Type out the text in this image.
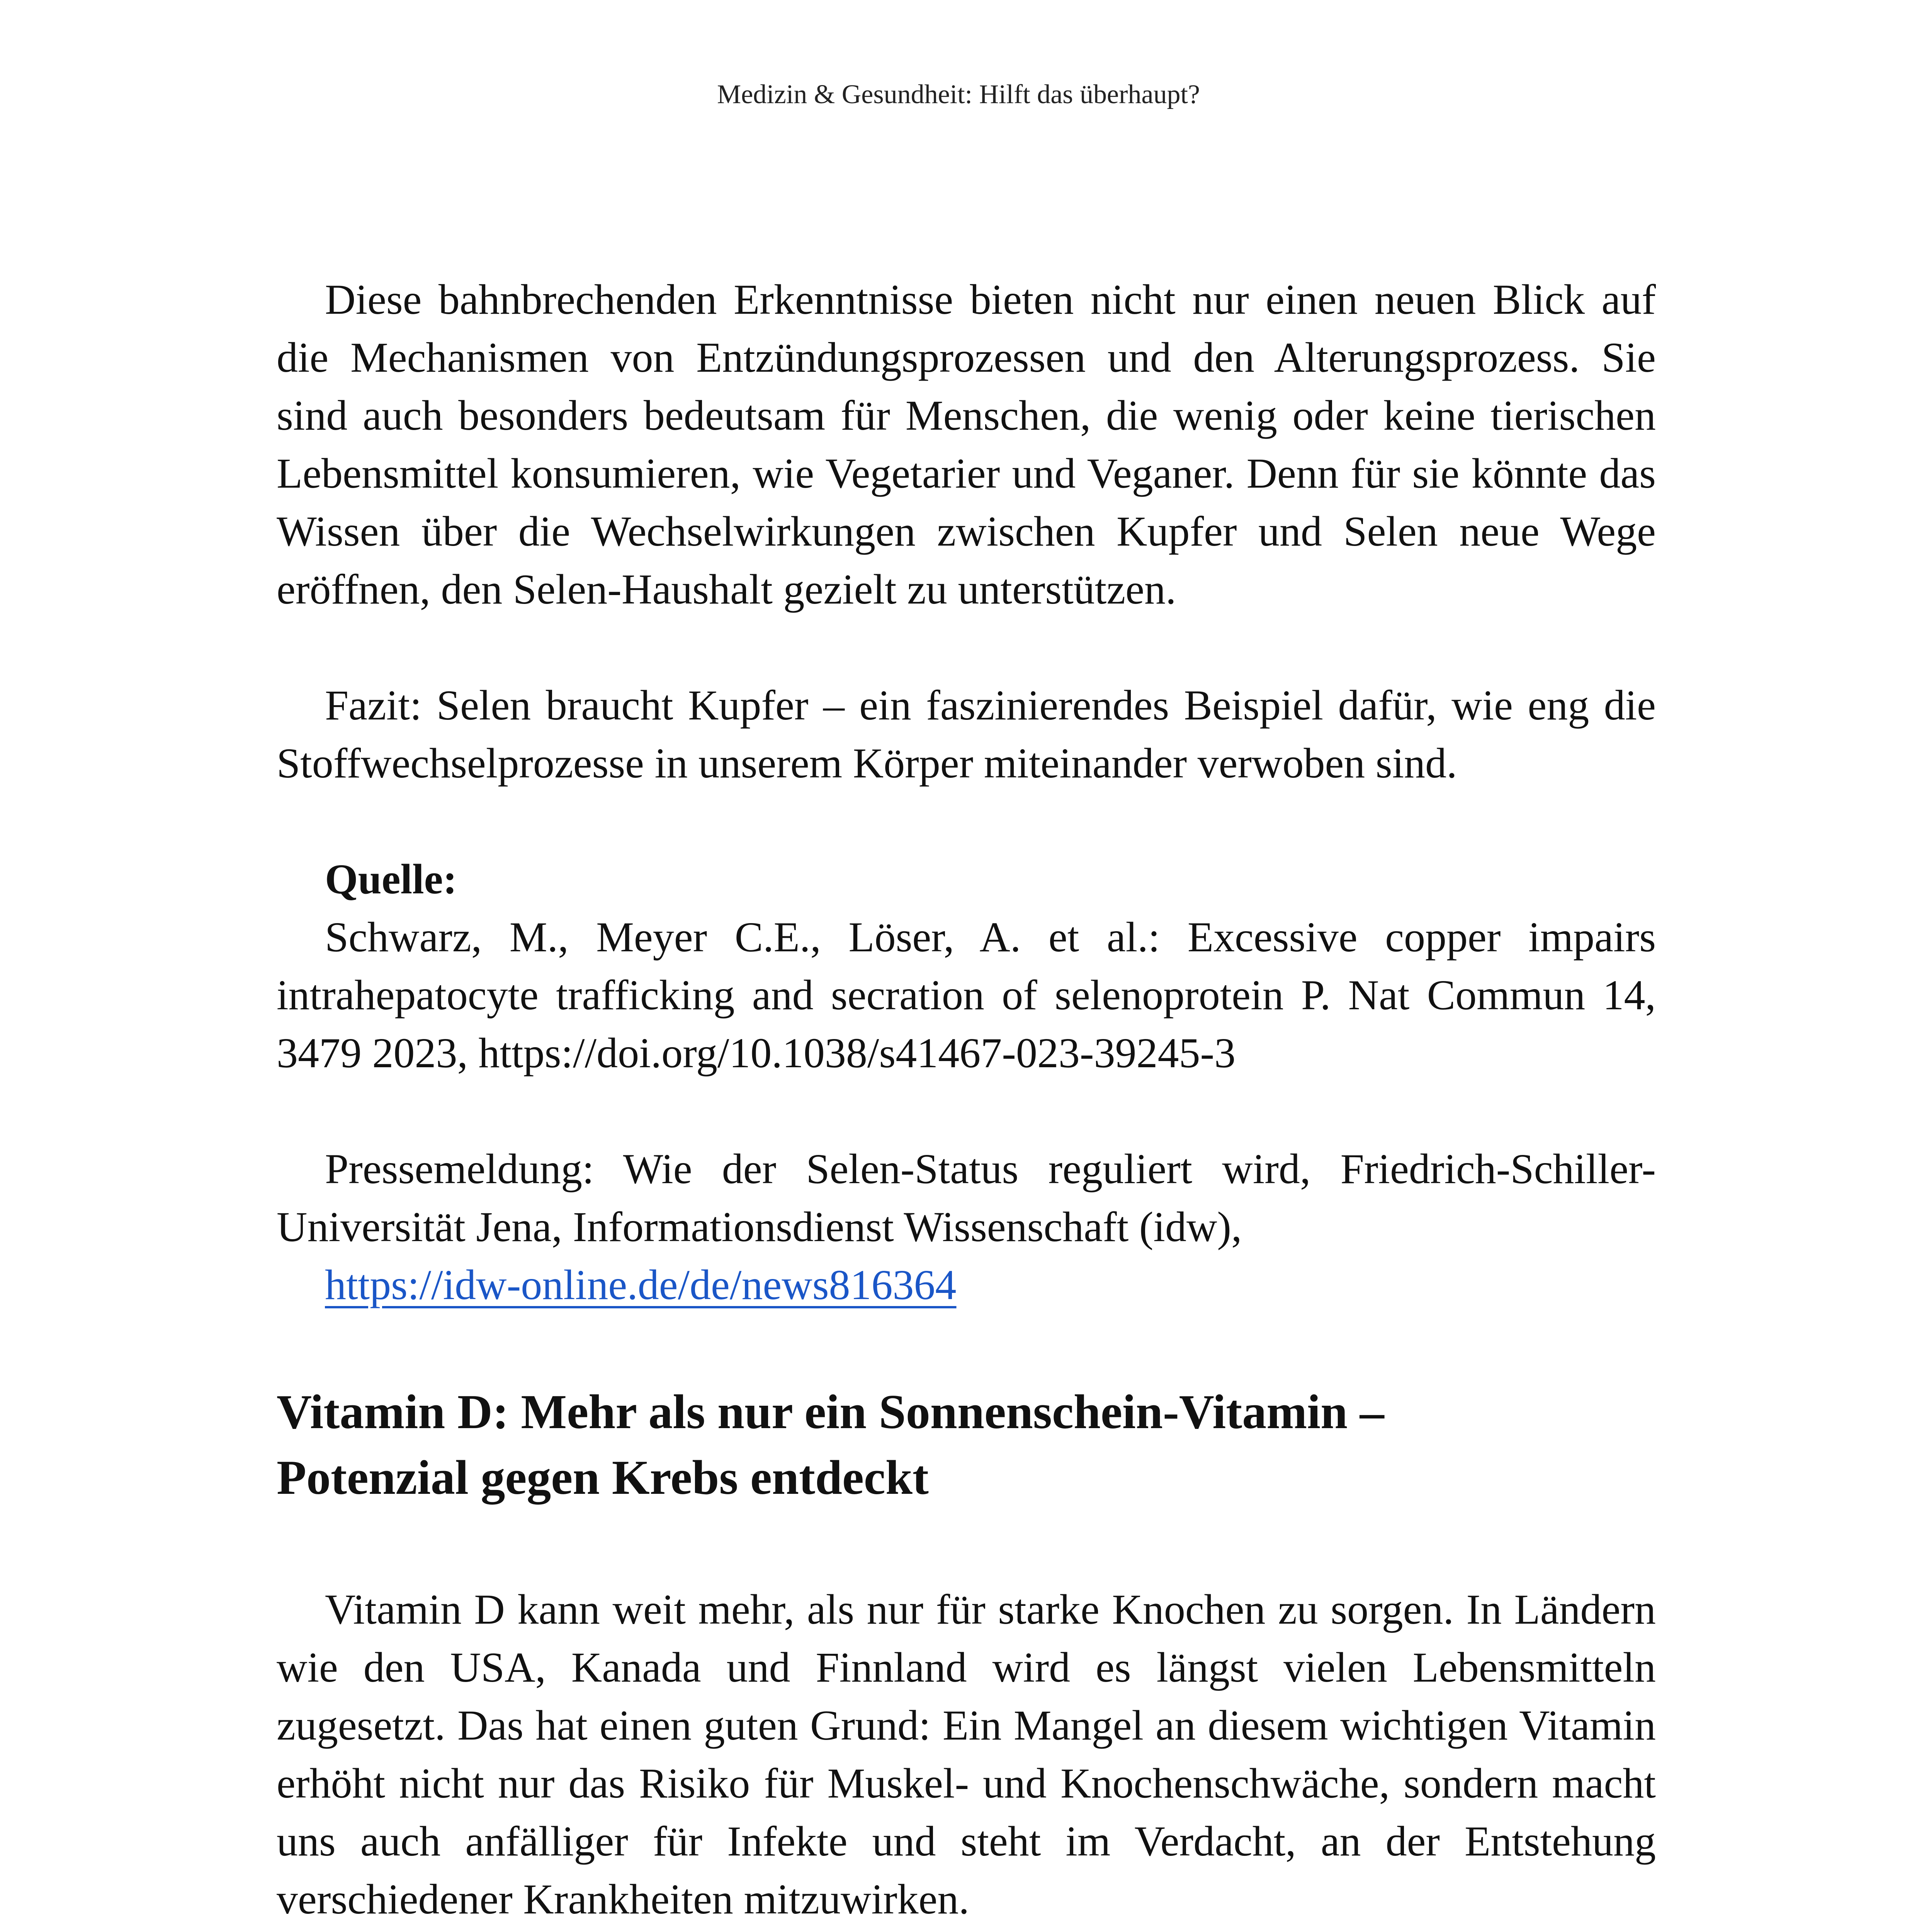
Medizin & Gesundheit: Hilft das überhaupt?

Diese bahnbrechenden Erkenntnisse bieten nicht nur einen neuen Blick auf die Mechanismen von Entzündungsprozessen und den Alterungsprozess. Sie sind auch besonders bedeutsam für Menschen, die wenig oder keine tierischen Lebensmittel konsumieren, wie Vegetarier und Veganer. Denn für sie könnte das Wissen über die Wechselwirkungen zwischen Kupfer und Selen neue Wege eröffnen, den Selen-Haushalt gezielt zu unterstützen.

Fazit: Selen braucht Kupfer – ein faszinierendes Beispiel dafür, wie eng die Stoffwechselprozesse in unserem Körper miteinander verwoben sind.

Quelle:

Schwarz, M., Meyer C.E., Löser, A. et al.: Excessive copper impairs intrahepatocyte trafficking and secration of selenoprotein P. Nat Commun 14, 3479 2023, https://doi.org/10.1038/s41467-023-39245-3

Pressemeldung: Wie der Selen-Status reguliert wird, Friedrich-Schiller-Universität Jena, Informationsdienst Wissenschaft (idw),

https://idw-online.de/de/news816364

Vitamin D: Mehr als nur ein Sonnenschein-Vitamin –
Potenzial gegen Krebs entdeckt

Vitamin D kann weit mehr, als nur für starke Knochen zu sorgen. In Ländern wie den USA, Kanada und Finnland wird es längst vielen Lebensmitteln zugesetzt. Das hat einen guten Grund: Ein Mangel an diesem wichtigen Vitamin erhöht nicht nur das Risiko für Muskel- und Knochenschwäche, sondern macht uns auch anfälliger für Infekte und steht im Verdacht, an der Entstehung verschiedener Krankheiten mitzuwirken.
